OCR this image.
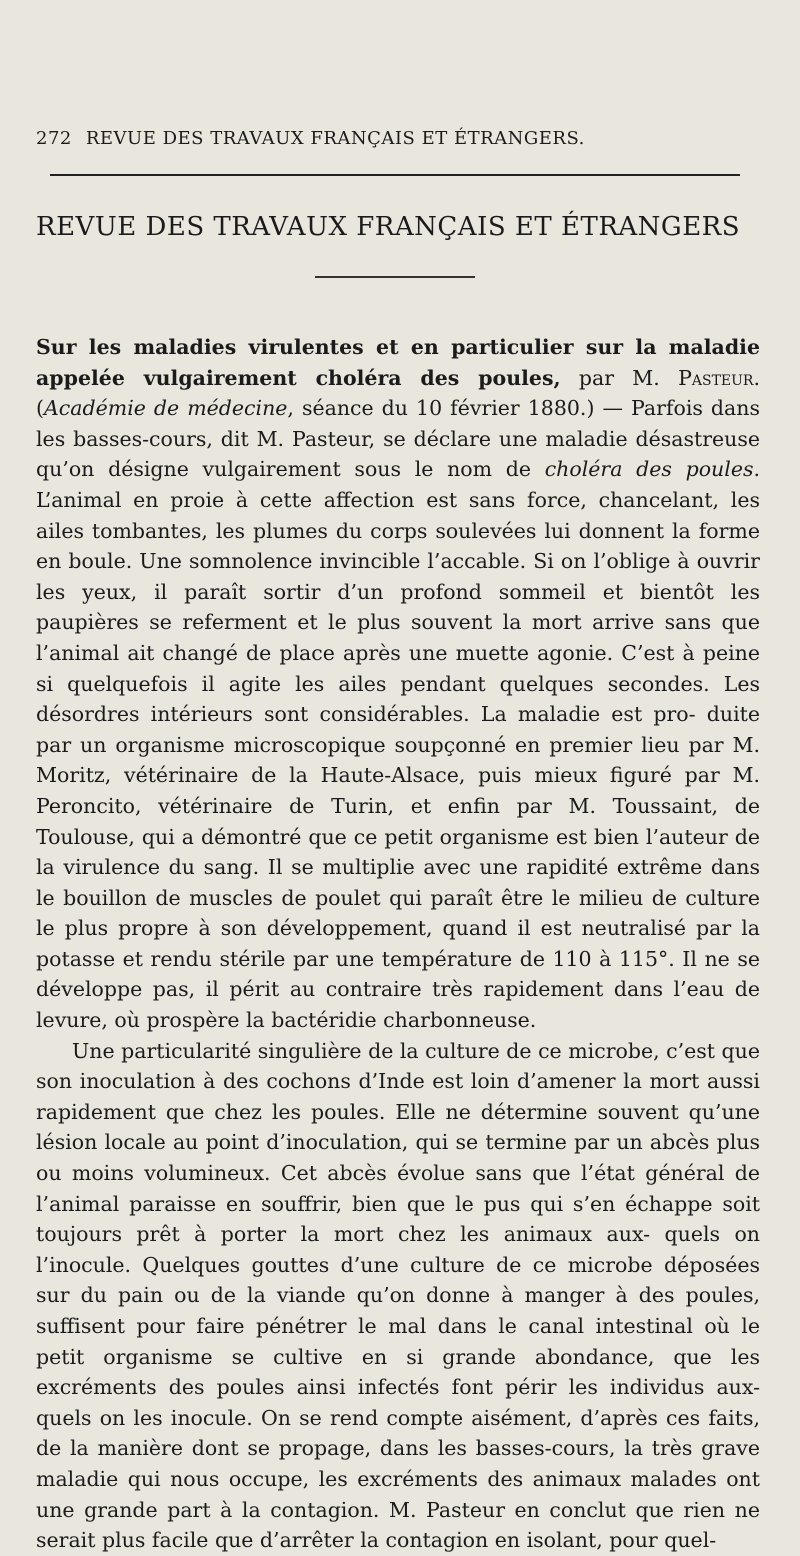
272 REVUE DES TRAVAUX FRANÇAIS ET ÉTRANGERS.
REVUE DES TRAVAUX FRANÇAIS ET ÉTRANGERS

Sur les maladies virulentes et en particulier sur la maladie appelée vulgairement choléra des poules, par M. Pasteur. (Académie de médecine, séance du 10 février 1880.) — Parfois dans les basses-cours, dit M. Pasteur, se déclare une maladie désastreuse qu’on désigne vulgairement sous le nom de choléra des poules. L’animal en proie à cette affection est sans force, chancelant, les ailes tombantes, les plumes du corps soulevées lui donnent la forme en boule. Une somnolence invincible l’accable. Si on l’oblige à ouvrir les yeux, il paraît sortir d’un profond sommeil et bientôt les paupières se referment et le plus souvent la mort arrive sans que l’animal ait changé de place après une muette agonie. C’est à peine si quelquefois il agite les ailes pendant quelques secondes. Les désordres intérieurs sont considérables. La maladie est pro- duite par un organisme microscopique soupçonné en premier lieu par M. Moritz, vétérinaire de la Haute-Alsace, puis mieux figuré par M. Peroncito, vétérinaire de Turin, et enfin par M. Toussaint, de Toulouse, qui a démontré que ce petit organisme est bien l’auteur de la virulence du sang. Il se multiplie avec une rapidité extrême dans le bouillon de muscles de poulet qui paraît être le milieu de culture le plus propre à son développement, quand il est neutralisé par la potasse et rendu stérile par une température de 110 à 115°. Il ne se développe pas, il périt au contraire très rapidement dans l’eau de levure, où prospère la bactéridie charbonneuse.

Une particularité singulière de la culture de ce microbe, c’est que son inoculation à des cochons d’Inde est loin d’amener la mort aussi rapidement que chez les poules. Elle ne détermine souvent qu’une lésion locale au point d’inoculation, qui se termine par un abcès plus ou moins volumineux. Cet abcès évolue sans que l’état général de l’animal paraisse en souffrir, bien que le pus qui s’en échappe soit toujours prêt à porter la mort chez les animaux aux- quels on l’inocule. Quelques gouttes d’une culture de ce microbe déposées sur du pain ou de la viande qu’on donne à manger à des poules, suffisent pour faire pénétrer le mal dans le canal intestinal où le petit organisme se cultive en si grande abondance, que les excréments des poules ainsi infectés font périr les individus aux- quels on les inocule. On se rend compte aisément, d’après ces faits, de la manière dont se propage, dans les basses-cours, la très grave maladie qui nous occupe, les excréments des animaux malades ont une grande part à la contagion. M. Pasteur en conclut que rien ne serait plus facile que d’arrêter la contagion en isolant, pour quel-
